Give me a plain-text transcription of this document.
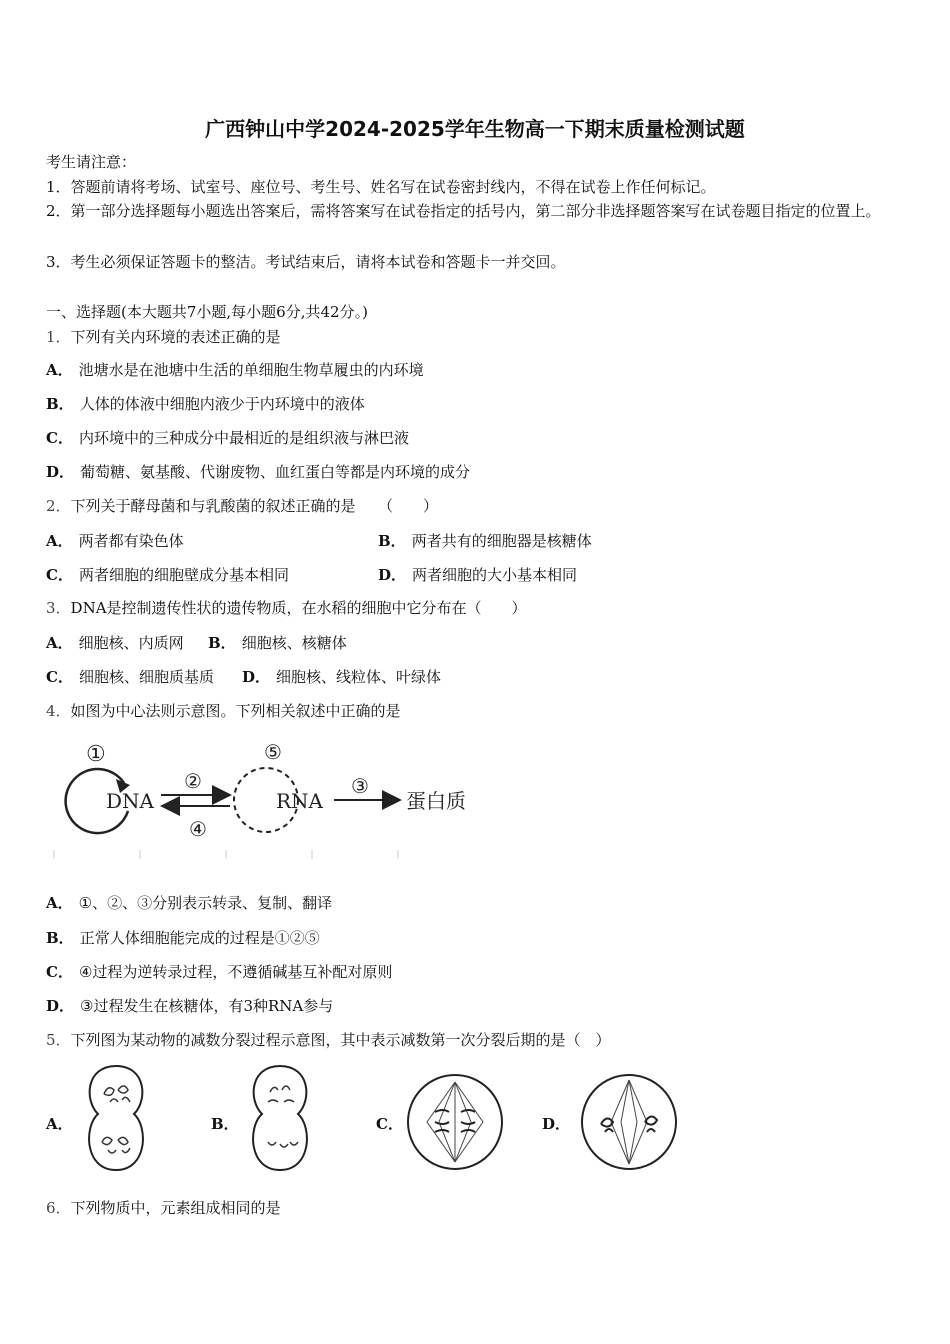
广西钟山中学2024-2025学年生物高一下期末质量检测试题
考生请注意：
1．答题前请将考场、试室号、座位号、考生号、姓名写在试卷密封线内，不得在试卷上作任何标记。
2．第一部分选择题每小题选出答案后，需将答案写在试卷指定的括号内，第二部分非选择题答案写在试卷题目指定的位置上。
3．考生必须保证答题卡的整洁。考试结束后，请将本试卷和答题卡一并交回。
一、选择题(本大题共7小题,每小题6分,共42分。)
1．下列有关内环境的表述正确的是
A． 池塘水是在池塘中生活的单细胞生物草履虫的内环境
B． 人体的体液中细胞内液少于内环境中的液体
C． 内环境中的三种成分中最相近的是组织液与淋巴液
D． 葡萄糖、氨基酸、代谢废物、血红蛋白等都是内环境的成分
2．下列关于酵母菌和与乳酸菌的叙述正确的是　　（　　）
A． 两者都有染色体	B． 两者共有的细胞器是核糖体
C． 两者细胞的细胞壁成分基本相同	D． 两者细胞的大小基本相同
3．DNA是控制遗传性状的遗传物质，在水稻的细胞中它分布在（　　）
A． 细胞核、内质网 B． 细胞核、核糖体
C． 细胞核、细胞质基质 D． 细胞核、线粒体、叶绿体
4．如图为中心法则示意图。下列相关叙述中正确的是
①
DNA
②
④
⑤
RNA
③
蛋白质
A． ①、②、③分别表示转录、复制、翻译
B． 正常人体细胞能完成的过程是①②⑤
C． ④过程为逆转录过程，不遵循碱基互补配对原则
D． ③过程发生在核糖体，有3种RNA参与
5．下列图为某动物的减数分裂过程示意图，其中表示减数第一次分裂后期的是（　）
A．	B．	C．	D．
6．下列物质中，元素组成相同的是
